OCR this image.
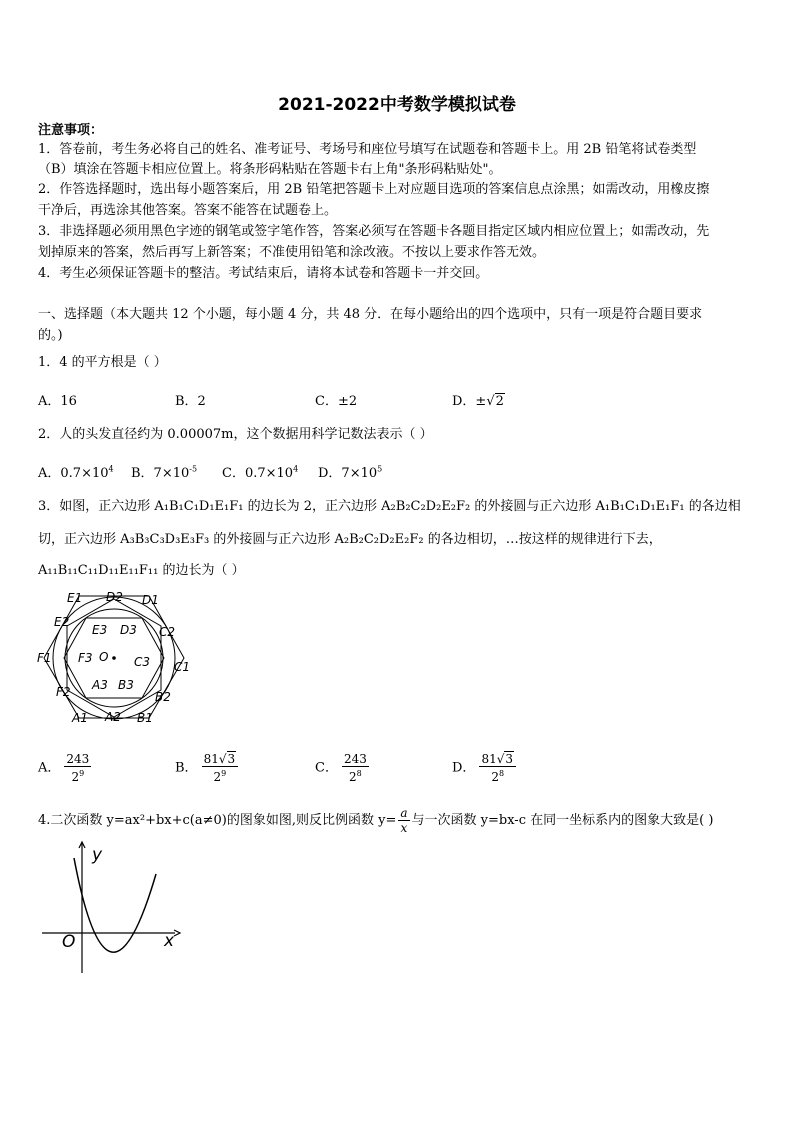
2021-2022中考数学模拟试卷
注意事项：
1．答卷前，考生务必将自己的姓名、准考证号、考场号和座位号填写在试题卷和答题卡上。用 2B 铅笔将试卷类型
（B）填涂在答题卡相应位置上。将条形码粘贴在答题卡右上角"条形码粘贴处"。
2．作答选择题时，选出每小题答案后，用 2B 铅笔把答题卡上对应题目选项的答案信息点涂黑；如需改动，用橡皮擦
干净后，再选涂其他答案。答案不能答在试题卷上。
3．非选择题必须用黑色字迹的钢笔或签字笔作答，答案必须写在答题卡各题目指定区域内相应位置上；如需改动，先
划掉原来的答案，然后再写上新答案；不准使用铅笔和涂改液。不按以上要求作答无效。
4．考生必须保证答题卡的整洁。考试结束后，请将本试卷和答题卡一并交回。
一、选择题（本大题共 12 个小题，每小题 4 分，共 48 分．在每小题给出的四个选项中，只有一项是符合题目要求
的。)
1．4 的平方根是（ ）
A．16	B．2	C．±2	D．±√2
2．人的头发直径约为 0.00007m，这个数据用科学记数法表示（ ）
A．$0.7\times 10^4$ B．$7\times 10^{-5}$ C．$0.7\times 10^4$ D．$7\times 10^5$
3．如图，正六边形 A₁B₁C₁D₁E₁F₁ 的边长为 2，正六边形 A₂B₂C₂D₂E₂F₂ 的外接圆与正六边形 A₁B₁C₁D₁E₁F₁ 的各边相
切，正六边形 A₃B₃C₃D₃E₃F₃ 的外接圆与正六边形 A₂B₂C₂D₂E₂F₂ 的各边相切，…按这样的规律进行下去，
A₁₁B₁₁C₁₁D₁₁E₁₁F₁₁ 的边长为（ ）
E1 D2 D1
E2
E3 D3 C2
F1 F3 O C3 C1
F2 A3 B3
B2
A1 A2 B1
A． $\frac{243}{2^9}$	B． $\frac{81√3}{2^9}$	C． $\frac{243}{2^8}$	D． $\frac{81√3}{2^8}$
4.二次函数 y=ax²+bx+c(a≠0)的图象如图,则反比例函数 $y= \frac{a}{x}$ 与一次函数 y=bx-c 在同一坐标系内的图象大致是( )
y
x
O
